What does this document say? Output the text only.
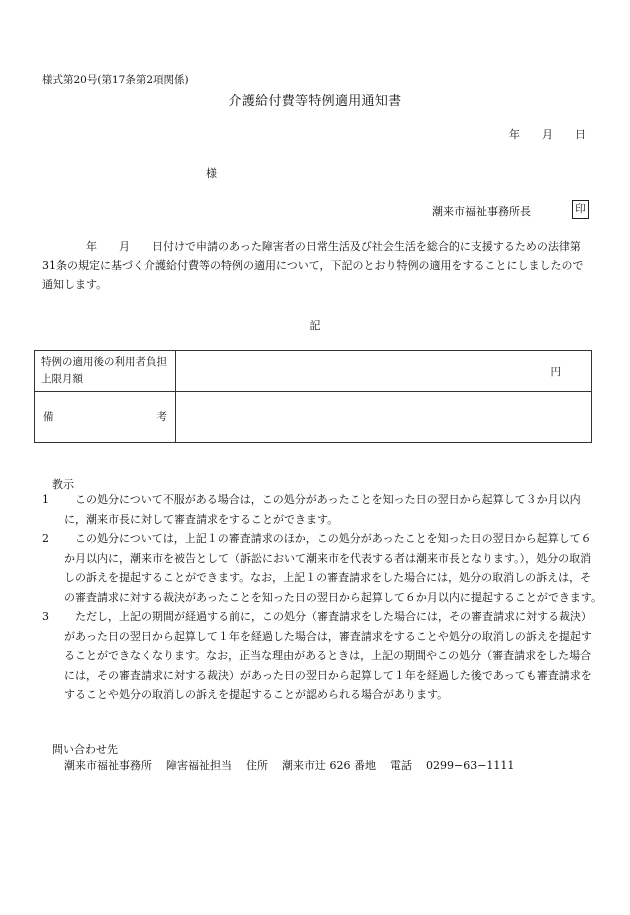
様式第20号(第17条第2項関係)
介護給付費等特例適用通知書
年 月 日
様
潮来市福祉事務所長	印
　　　　年　　月　　日付けで申請のあった障害者の日常生活及び社会生活を総合的に支援するための法律第31条の規定に基づく介護給付費等の特例の適用について，下記のとおり特例の適用をすることにしましたので通知します。
記
特例の適用後の利用者負担上限月額	円

備 考	

教示
1	この処分について不服がある場合は，この処分があったことを知った日の翌日から起算して３か月以内に，潮来市長に対して審査請求をすることができます。
2	この処分については，上記１の審査請求のほか，この処分があったことを知った日の翌日から起算して６か月以内に，潮来市を被告として（訴訟において潮来市を代表する者は潮来市長となります。），処分の取消しの訴えを提起することができます。なお，上記１の審査請求をした場合には，処分の取消しの訴えは，その審査請求に対する裁決があったことを知った日の翌日から起算して６か月以内に提起することができます。
3	ただし，上記の期間が経過する前に，この処分（審査請求をした場合には，その審査請求に対する裁決）があった日の翌日から起算して１年を経過した場合は，審査請求をすることや処分の取消しの訴えを提起することができなくなります。なお，正当な理由があるときは，上記の期間やこの処分（審査請求をした場合には，その審査請求に対する裁決）があった日の翌日から起算して１年を経過した後であっても審査請求をすることや処分の取消しの訴えを提起することが認められる場合があります。
問い合わせ先
潮来市福祉事務所 障害福祉担当 住所 潮来市辻 626 番地 電話 0299−63−1111
